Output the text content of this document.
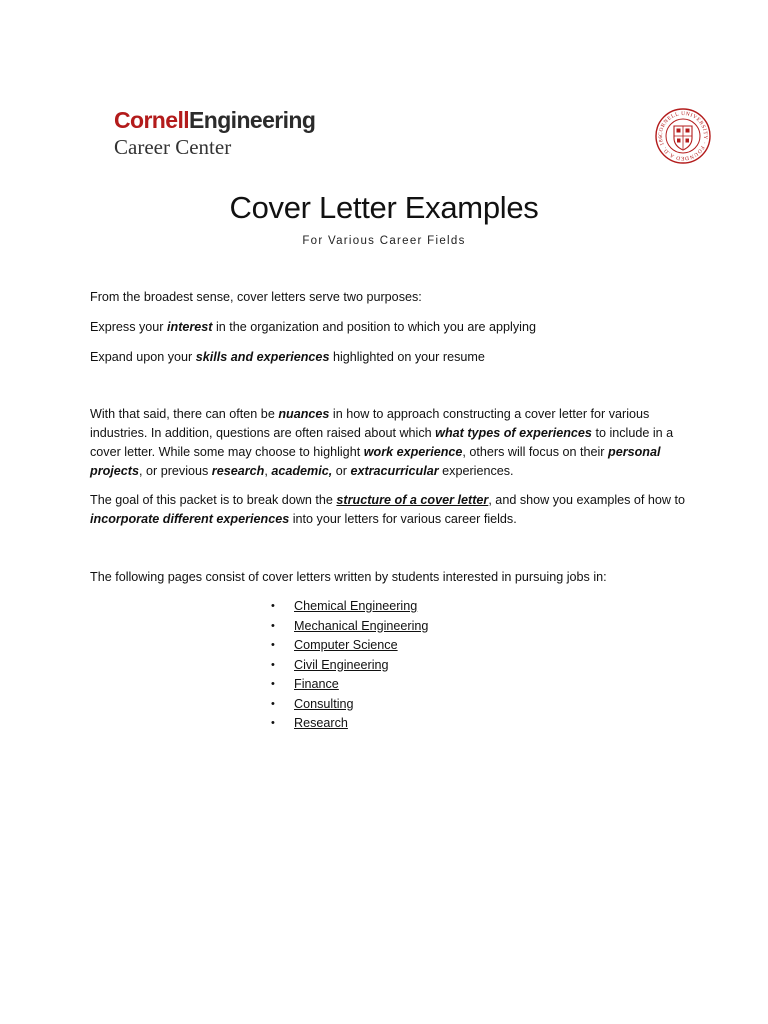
CornellEngineering
Career Center
CORNELL UNIVERSITY · FOUNDED A.D. 186
Cover Letter Examples
For Various Career Fields
From the broadest sense, cover letters serve two purposes:
Express your interest in the organization and position to which you are applying
Expand upon your skills and experiences highlighted on your resume
With that said, there can often be nuances in how to approach constructing a cover letter for various industries. In addition, questions are often raised about which what types of experiences to include in a cover letter. While some may choose to highlight work experience, others will focus on their personal projects, or previous research, academic, or extracurricular experiences.
The goal of this packet is to break down the structure of a cover letter, and show you examples of how to incorporate different experiences into your letters for various career fields.
The following pages consist of cover letters written by students interested in pursuing jobs in:
• Chemical Engineering
• Mechanical Engineering
• Computer Science
• Civil Engineering
• Finance
• Consulting
• Research
